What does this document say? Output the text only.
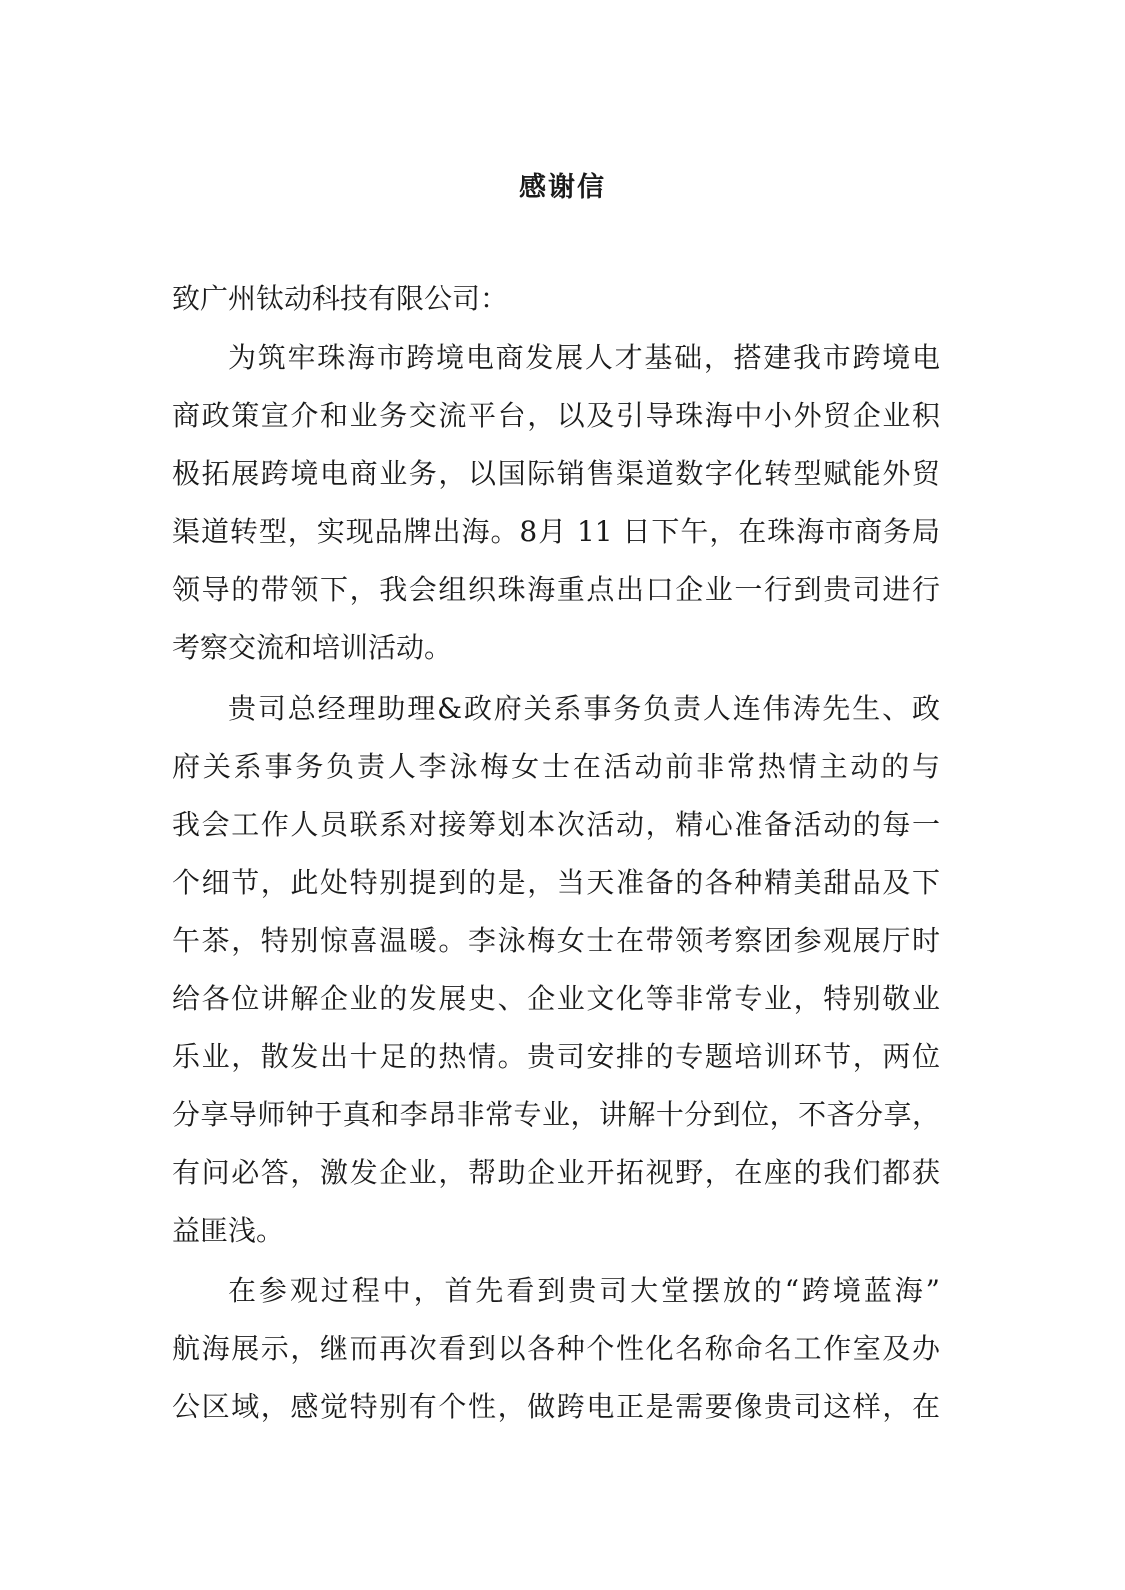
感谢信
致广州钛动科技有限公司：
为筑牢珠海市跨境电商发展人才基础，搭建我市跨境电
商政策宣介和业务交流平台，以及引导珠海中小外贸企业积
极拓展跨境电商业务，以国际销售渠道数字化转型赋能外贸
渠道转型，实现品牌出海。8月 11 日下午，在珠海市商务局
领导的带领下，我会组织珠海重点出口企业一行到贵司进行
考察交流和培训活动。
贵司总经理助理&政府关系事务负责人连伟涛先生、政
府关系事务负责人李泳梅女士在活动前非常热情主动的与
我会工作人员联系对接筹划本次活动，精心准备活动的每一
个细节，此处特别提到的是，当天准备的各种精美甜品及下
午茶，特别惊喜温暖。李泳梅女士在带领考察团参观展厅时
给各位讲解企业的发展史、企业文化等非常专业，特别敬业
乐业，散发出十足的热情。贵司安排的专题培训环节，两位
分享导师钟于真和李昂非常专业，讲解十分到位，不吝分享，
有问必答，激发企业，帮助企业开拓视野，在座的我们都获
益匪浅。
在参观过程中，首先看到贵司大堂摆放的“跨境蓝海”
航海展示，继而再次看到以各种个性化名称命名工作室及办
公区域，感觉特别有个性，做跨电正是需要像贵司这样，在
